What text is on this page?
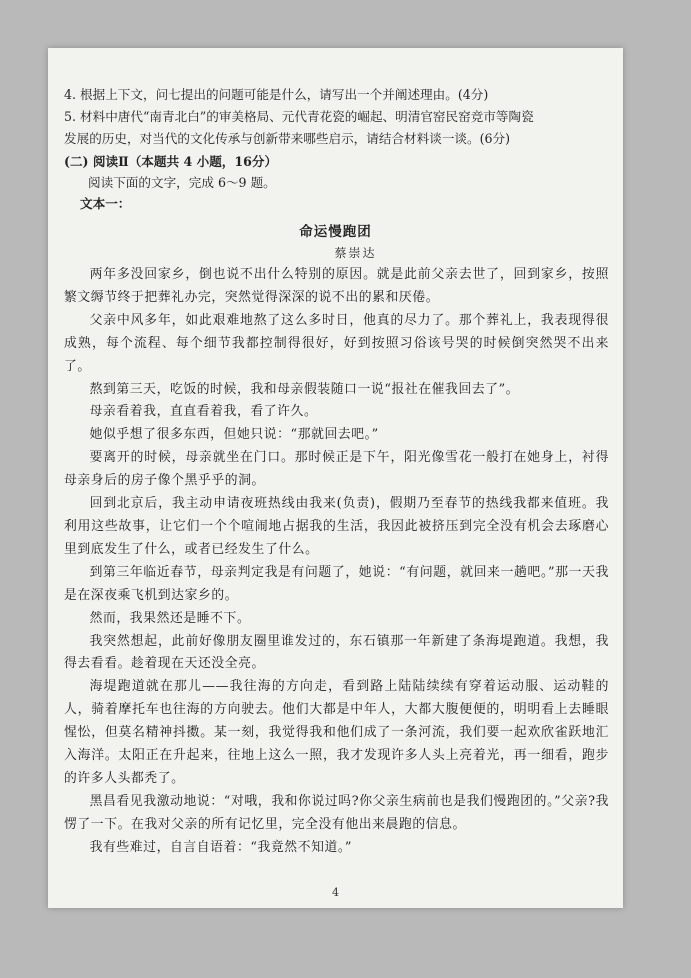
4. 根据上下文，问七提出的问题可能是什么，请写出一个并阐述理由。(4分)
5. 材料中唐代“南青北白”的审美格局、元代青花瓷的崛起、明清官窑民窑竞市等陶瓷
发展的历史，对当代的文化传承与创新带来哪些启示，请结合材料谈一谈。(6分)
(二) 阅读Ⅱ（本题共 4 小题，16分）
阅读下面的文字，完成 6～9 题。
文本一：
命运慢跑团
蔡崇达

两年多没回家乡，倒也说不出什么特别的原因。就是此前父亲去世了，回到家乡，按照繁文缛节终于把葬礼办完，突然觉得深深的说不出的累和厌倦。

父亲中风多年，如此艰难地熬了这么多时日，他真的尽力了。那个葬礼上，我表现得很成熟，每个流程、每个细节我都控制得很好，好到按照习俗该号哭的时候倒突然哭不出来了。

熬到第三天，吃饭的时候，我和母亲假装随口一说“报社在催我回去了”。

母亲看着我，直直看着我，看了许久。

她似乎想了很多东西，但她只说：“那就回去吧。”

要离开的时候，母亲就坐在门口。那时候正是下午，阳光像雪花一般打在她身上，衬得母亲身后的房子像个黑乎乎的洞。

回到北京后，我主动申请夜班热线由我来(负责)，假期乃至春节的热线我都来值班。我利用这些故事，让它们一个个喧闹地占据我的生活，我因此被挤压到完全没有机会去琢磨心里到底发生了什么，或者已经发生了什么。

到第三年临近春节，母亲判定我是有问题了，她说：“有问题，就回来一趟吧。”那一天我是在深夜乘飞机到达家乡的。

然而，我果然还是睡不下。

我突然想起，此前好像朋友圈里谁发过的，东石镇那一年新建了条海堤跑道。我想，我得去看看。趁着现在天还没全亮。

海堤跑道就在那儿——我往海的方向走，看到路上陆陆续续有穿着运动服、运动鞋的人，骑着摩托车也往海的方向驶去。他们大都是中年人，大都大腹便便的，明明看上去睡眼惺忪，但莫名精神抖擞。某一刻，我觉得我和他们成了一条河流，我们要一起欢欣雀跃地汇入海洋。太阳正在升起来，往地上这么一照，我才发现许多人头上亮着光，再一细看，跑步的许多人头都秃了。

黑昌看见我激动地说：“对哦，我和你说过吗?你父亲生病前也是我们慢跑团的。”父亲?我愣了一下。在我对父亲的所有记忆里，完全没有他出来晨跑的信息。

我有些难过，自言自语着：“我竟然不知道。”

4
